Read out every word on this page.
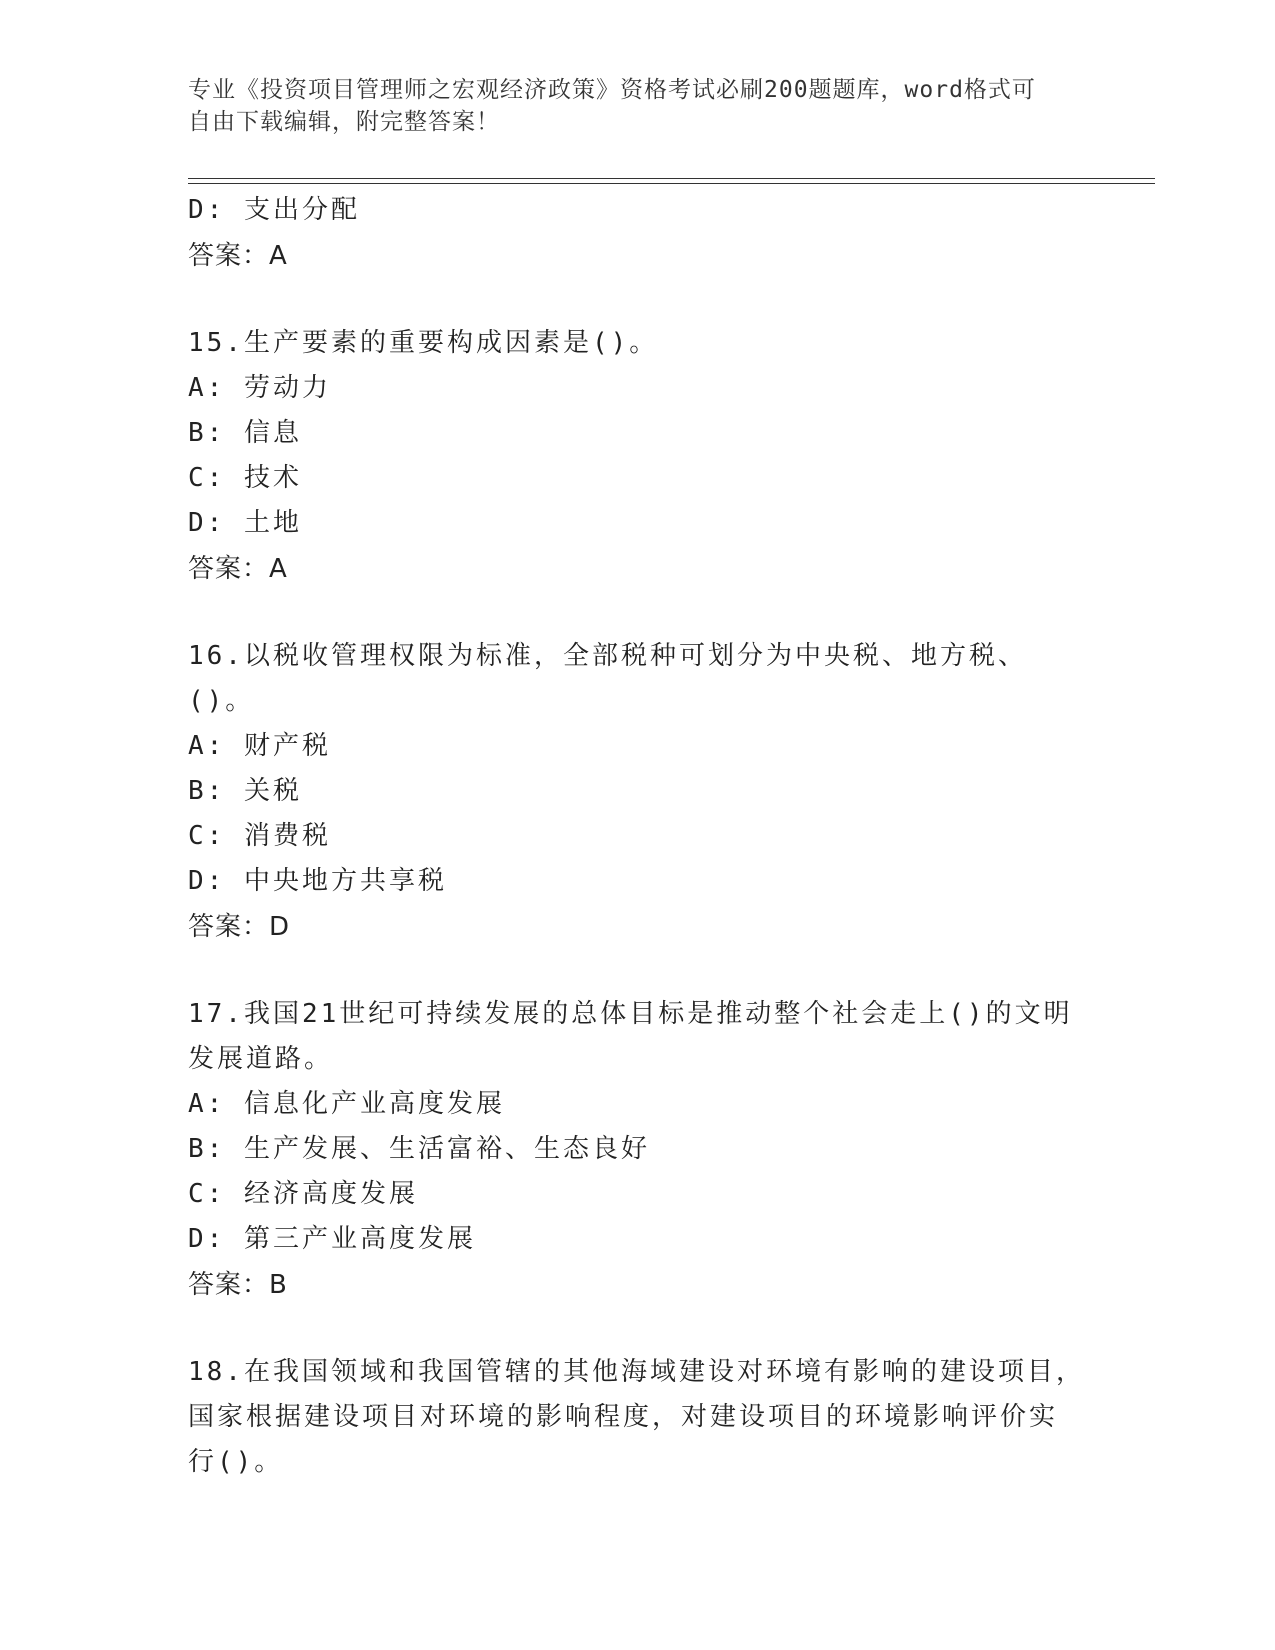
专业《投资项目管理师之宏观经济政策》资格考试必刷200题题库，word格式可
自由下载编辑，附完整答案！
D: 支出分配
答案：A
15.生产要素的重要构成因素是()。
A: 劳动力
B: 信息
C: 技术
D: 土地
答案：A
16.以税收管理权限为标准，全部税种可划分为中央税、地方税、()。
A: 财产税
B: 关税
C: 消费税
D: 中央地方共享税
答案：D
17.我国21世纪可持续发展的总体目标是推动整个社会走上()的文明
发展道路。
A: 信息化产业高度发展
B: 生产发展、生活富裕、生态良好
C: 经济高度发展
D: 第三产业高度发展
答案：B
18.在我国领域和我国管辖的其他海域建设对环境有影响的建设项目，
国家根据建设项目对环境的影响程度，对建设项目的环境影响评价实
行()。
